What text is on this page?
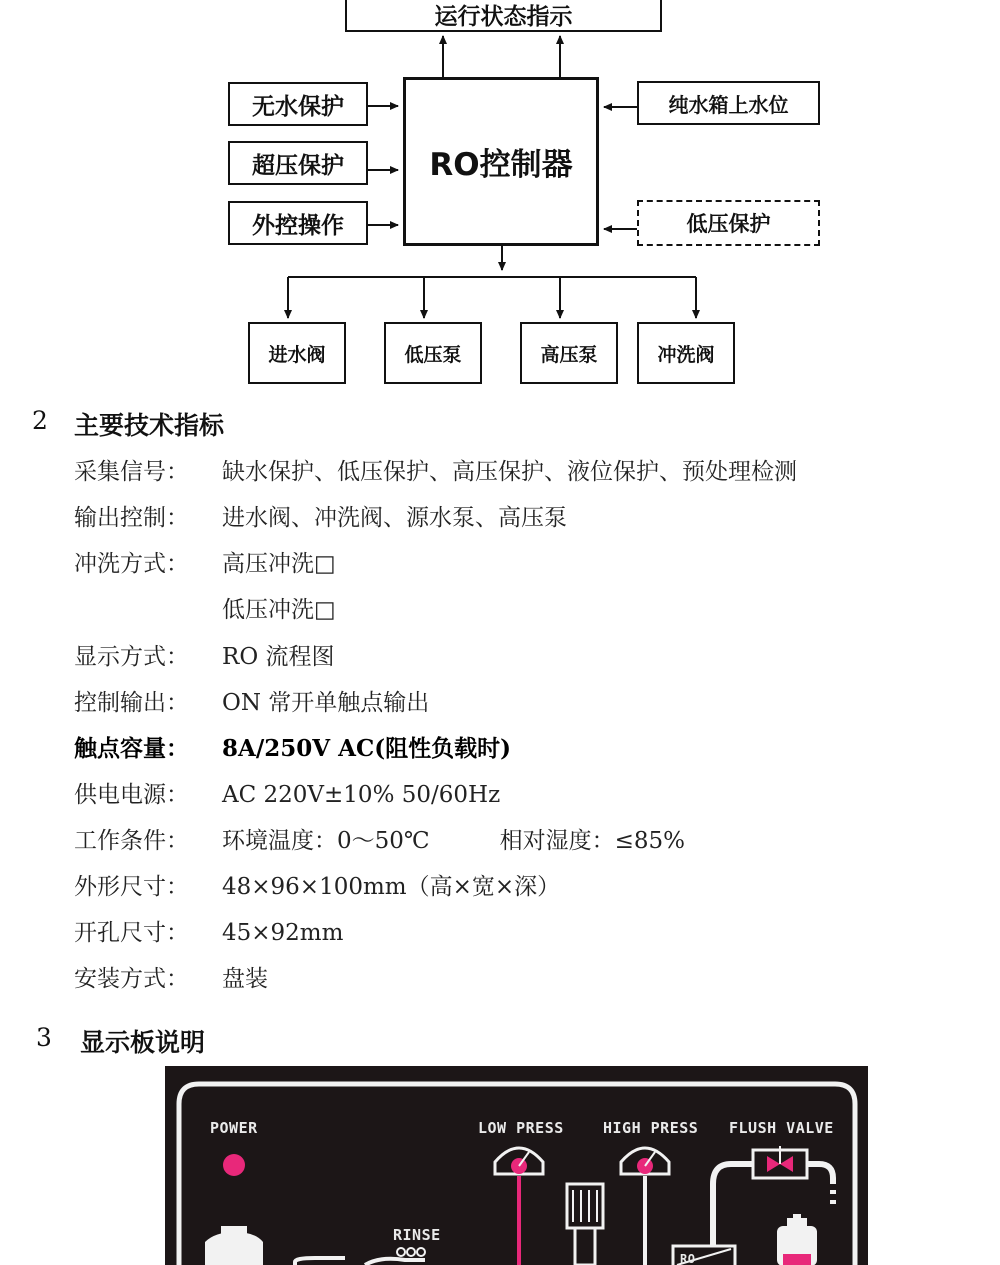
运行状态指示
RO控制器
无水保护
超压保护
外控操作
纯水箱上水位
低压保护
进水阀	低压泵	高压泵	冲洗阀
2 主要技术指标
采集信号： 缺水保护、低压保护、高压保护、液位保护、预处理检测
输出控制： 进水阀、冲洗阀、源水泵、高压泵
冲洗方式： 高压冲洗□
低压冲洗□
显示方式： RO 流程图
控制输出： ON 常开单触点输出
触点容量： 8A/250V AC(阻性负载时)
供电电源： AC 220V±10% 50/60Hz
工作条件： 环境温度：0～50℃	相对湿度：≤85%
外形尺寸： 48×96×100mm（高×宽×深）
开孔尺寸： 45×92mm
安装方式： 盘装
3 显示板说明
POWER	LOW PRESS	HIGH PRESS FLUSH VALVE
RINSE
RO
